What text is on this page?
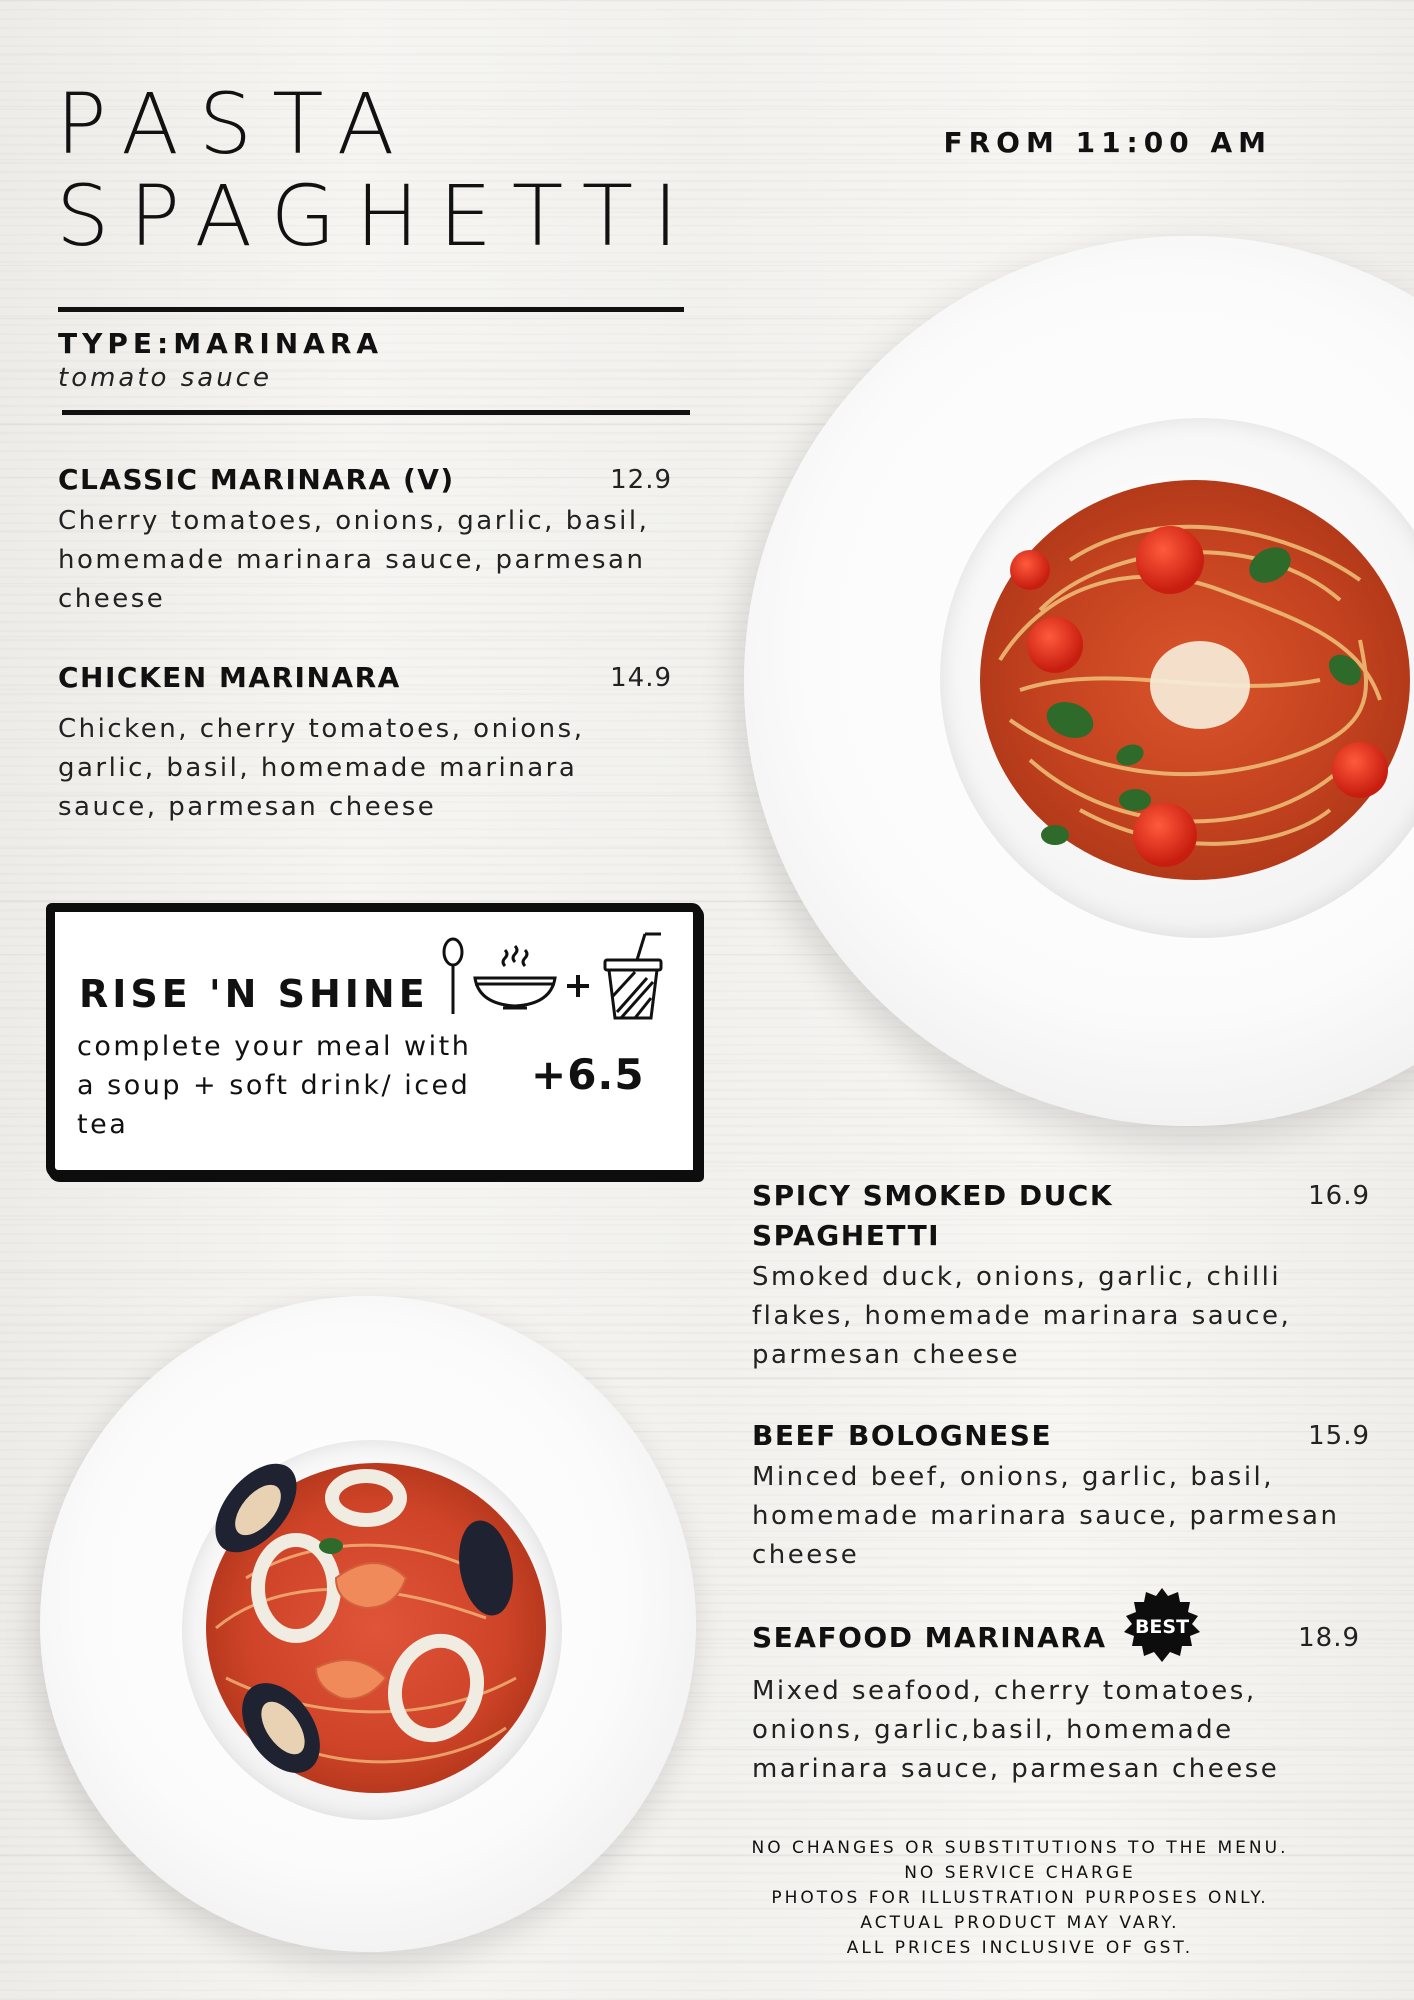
PASTA
SPAGHETTI
FROM 11:00 AM
TYPE:MARINARA
tomato sauce
CLASSIC MARINARA (V)	12.9
Cherry tomatoes, onions, garlic, basil, homemade marinara sauce, parmesan cheese
CHICKEN MARINARA	14.9
Chicken, cherry tomatoes, onions, garlic, basil, homemade marinara sauce, parmesan cheese
RISE 'N SHINE
complete your meal with a soup + soft drink/ iced tea
+6.5
SPICY SMOKED DUCK SPAGHETTI
16.9
Smoked duck, onions, garlic, chilli flakes, homemade marinara sauce, parmesan cheese
BEEF BOLOGNESE	15.9
Minced beef, onions, garlic, basil, homemade marinara sauce, parmesan cheese
SEAFOOD MARINARA	18.9
Mixed seafood, cherry tomatoes, onions, garlic,basil, homemade marinara sauce, parmesan cheese
BEST
NO CHANGES OR SUBSTITUTIONS TO THE MENU.
NO SERVICE CHARGE
PHOTOS FOR ILLUSTRATION PURPOSES ONLY.
ACTUAL PRODUCT MAY VARY.
ALL PRICES INCLUSIVE OF GST.
